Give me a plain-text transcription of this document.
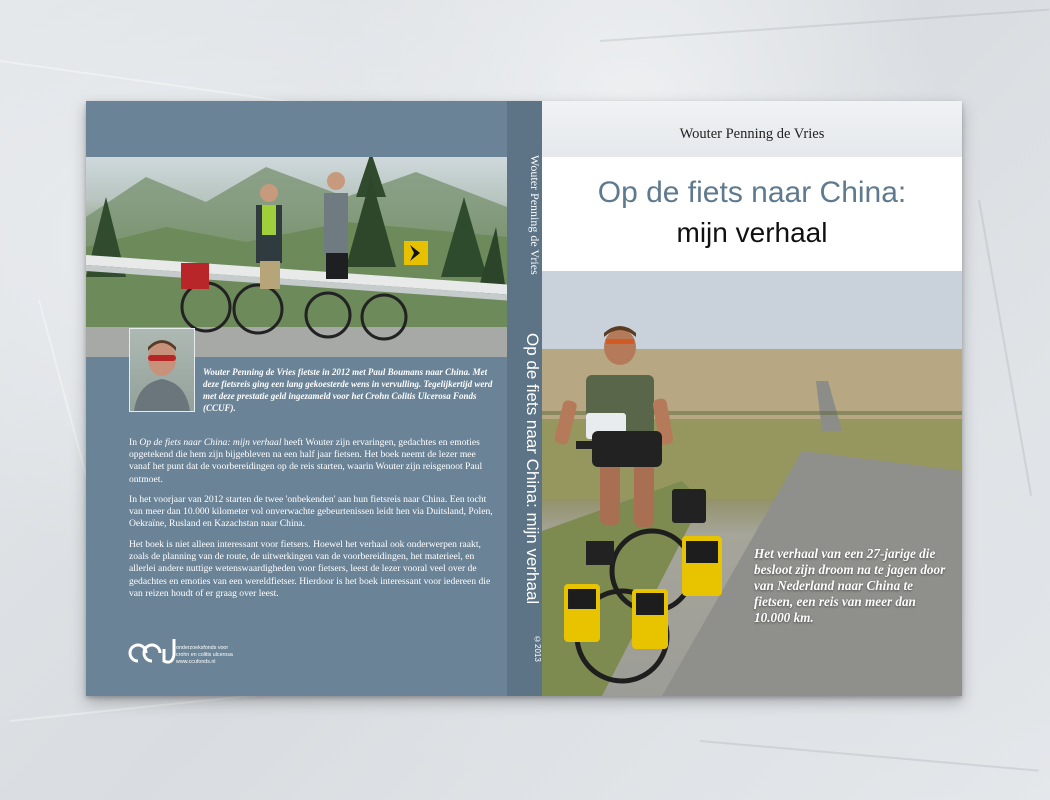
Wouter Penning de Vries fietste in 2012 met Paul Boumans naar China. Met deze fietsreis ging een lang gekoesterde wens in vervulling. Tegelijkertijd werd met deze prestatie geld ingezameld voor het Crohn Colitis Ulcerosa Fonds (CCUF).

In Op de fiets naar China: mijn verhaal heeft Wouter zijn ervaringen, gedachtes en emoties opgetekend die hem zijn bijgebleven na een half jaar fietsen. Het boek neemt de lezer mee vanaf het punt dat de voorbereidingen op de reis starten, waarin Wouter zijn reisgenoot Paul ontmoet.

In het voorjaar van 2012 starten de twee 'onbekenden' aan hun fietsreis naar China. Een tocht van meer dan 10.000 kilometer vol onverwachte gebeurtenissen leidt hen via Duitsland, Polen, Oekraïne, Rusland en Kazachstan naar China.
Het boek is niet alleen interessant voor fietsers. Hoewel het verhaal ook onderwerpen raakt, zoals de planning van de route, de uitwerkingen van de voorbereidingen, het materieel, en allerlei andere nuttige wetenswaardigheden voor fietsers, leest de lezer vooral veel over de gedachtes en emoties van een wereldfietser. Hierdoor is het boek interessant voor iedereen die van reizen houdt of er graag over leest.
onderzoeksfonds voor
crohn en colitis ulcerosa
www.ccufonds.nl
Wouter Penning de Vries
Op de fiets naar China: mijn verhaal
©2013
Wouter Penning de Vries
Op de fiets naar China:
mijn verhaal
Het verhaal van een 27-jarige die besloot zijn droom na te jagen door van Nederland naar China te fietsen, een reis van meer dan 10.000 km.
